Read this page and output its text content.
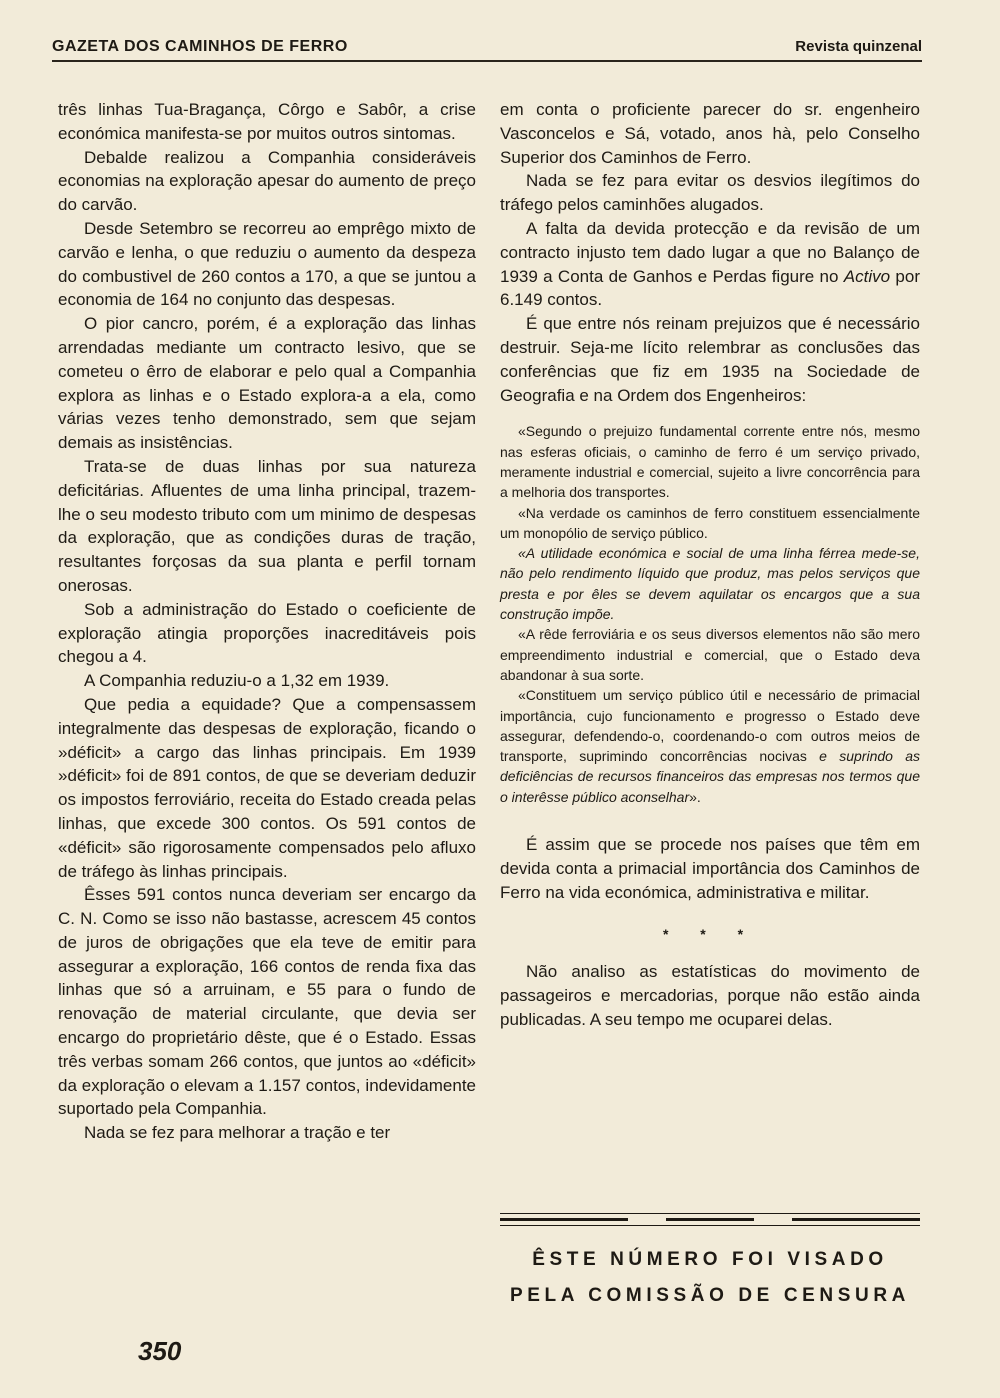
GAZETA DOS CAMINHOS DE FERRO	Revista quinzenal

três linhas Tua-Bragança, Côrgo e Sabôr, a crise económica manifesta-se por muitos outros sintomas.

Debalde realizou a Companhia consideráveis economias na exploração apesar do aumento de preço do carvão.

Desde Setembro se recorreu ao emprêgo mixto de carvão e lenha, o que reduziu o aumento da despeza do combustivel de 260 contos a 170, a que se juntou a economia de 164 no conjunto das despesas.

O pior cancro, porém, é a exploração das linhas arrendadas mediante um contracto lesivo, que se cometeu o êrro de elaborar e pelo qual a Companhia explora as linhas e o Estado explora-a a ela, como várias vezes tenho demonstrado, sem que sejam demais as insistências.

Trata-se de duas linhas por sua natureza deficitárias. Afluentes de uma linha principal, trazem-lhe o seu modesto tributo com um minimo de despesas da exploração, que as condições duras de tração, resultantes forçosas da sua planta e perfil tornam onerosas.

Sob a administração do Estado o coeficiente de exploração atingia proporções inacreditáveis pois chegou a 4.

A Companhia reduziu-o a 1,32 em 1939.

Que pedia a equidade? Que a compensassem integralmente das despesas de exploração, ficando o »déficit» a cargo das linhas principais. Em 1939 »déficit» foi de 891 contos, de que se deveriam deduzir os impostos ferroviário, receita do Estado creada pelas linhas, que excede 300 contos. Os 591 contos de «déficit» são rigorosamente compensados pelo afluxo de tráfego às linhas principais.

Êsses 591 contos nunca deveriam ser encargo da C. N. Como se isso não bastasse, acrescem 45 contos de juros de obrigações que ela teve de emitir para assegurar a exploração, 166 contos de renda fixa das linhas que só a arruinam, e 55 para o fundo de renovação de material circulante, que devia ser encargo do proprietário dêste, que é o Estado. Essas três verbas somam 266 contos, que juntos ao «déficit» da exploração o elevam a 1.157 contos, indevidamente suportado pela Companhia.

Nada se fez para melhorar a tração e ter

em conta o proficiente parecer do sr. engenheiro Vasconcelos e Sá, votado, anos hà, pelo Conselho Superior dos Caminhos de Ferro.

Nada se fez para evitar os desvios ilegítimos do tráfego pelos caminhões alugados.

A falta da devida protecção e da revisão de um contracto injusto tem dado lugar a que no Balanço de 1939 a Conta de Ganhos e Perdas figure no Activo por 6.149 contos.

É que entre nós reinam prejuizos que é necessário destruir. Seja-me lícito relembrar as conclusões das conferências que fiz em 1935 na Sociedade de Geografia e na Ordem dos Engenheiros:

«Segundo o prejuizo fundamental corrente entre nós, mesmo nas esferas oficiais, o caminho de ferro é um serviço privado, meramente industrial e comercial, sujeito a livre concorrência para a melhoria dos transportes.

«Na verdade os caminhos de ferro constituem essencialmente um monopólio de serviço público.

«A utilidade económica e social de uma linha férrea mede-se, não pelo rendimento líquido que produz, mas pelos serviços que presta e por êles se devem aquilatar os encargos que a sua construção impõe.

«A rêde ferroviária e os seus diversos elementos não são mero empreendimento industrial e comercial, que o Estado deva abandonar à sua sorte.

«Constituem um serviço público útil e necessário de primacial importância, cujo funcionamento e progresso o Estado deve assegurar, defendendo-o, coordenando-o com outros meios de transporte, suprimindo concorrências nocivas e suprindo as deficiências de recursos financeiros das empresas nos termos que o interêsse público aconselhar».

É assim que se procede nos países que têm em devida conta a primacial importância dos Caminhos de Ferro na vida económica, administrativa e militar.

* * *

Não analiso as estatísticas do movimento de passageiros e mercadorias, porque não estão ainda publicadas. A seu tempo me ocuparei delas.

ÊSTE NÚMERO FOI VISADO
PELA COMISSÃO DE CENSURA
350
